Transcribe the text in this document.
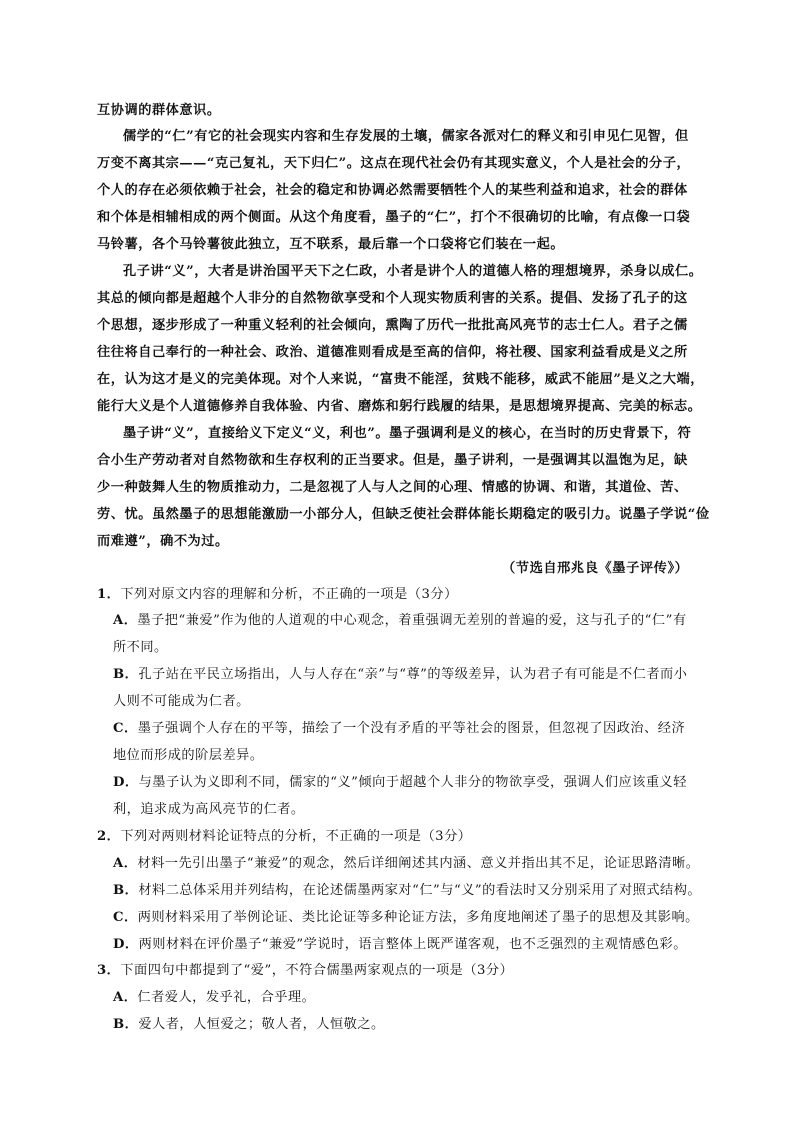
互协调的群体意识。
儒学的“仁”有它的社会现实内容和生存发展的土壤，儒家各派对仁的释义和引申见仁见智，但
万变不离其宗——“克己复礼，天下归仁”。这点在现代社会仍有其现实意义，个人是社会的分子，
个人的存在必须依赖于社会，社会的稳定和协调必然需要牺牲个人的某些利益和追求，社会的群体
和个体是相辅相成的两个侧面。从这个角度看，墨子的“仁”，打个不很确切的比喻，有点像一口袋
马铃薯，各个马铃薯彼此独立，互不联系，最后靠一个口袋将它们装在一起。
孔子讲“义”，大者是讲治国平天下之仁政，小者是讲个人的道德人格的理想境界，杀身以成仁。
其总的倾向都是超越个人非分的自然物欲享受和个人现实物质利害的关系。提倡、发扬了孔子的这
个思想，逐步形成了一种重义轻利的社会倾向，熏陶了历代一批批高风亮节的志士仁人。君子之儒
往往将自己奉行的一种社会、政治、道德准则看成是至高的信仰，将社稷、国家利益看成是义之所
在，认为这才是义的完美体现。对个人来说，“富贵不能淫，贫贱不能移，威武不能屈”是义之大端，
能行大义是个人道德修养自我体验、内省、磨炼和躬行践履的结果，是思想境界提高、完美的标志。
墨子讲“义”，直接给义下定义“义，利也”。墨子强调利是义的核心，在当时的历史背景下，符
合小生产劳动者对自然物欲和生存权利的正当要求。但是，墨子讲利，一是强调其以温饱为足，缺
少一种鼓舞人生的物质推动力，二是忽视了人与人之间的心理、情感的协调、和谐，其道俭、苦、
劳、忧。虽然墨子的思想能激励一小部分人，但缺乏使社会群体能长期稳定的吸引力。说墨子学说“俭
而难遵”，确不为过。
（节选自邢兆良《墨子评传》）
1．下列对原文内容的理解和分析，不正确的一项是（3分）
A．墨子把“兼爱”作为他的人道观的中心观念，着重强调无差别的普遍的爱，这与孔子的“仁”有
所不同。
B．孔子站在平民立场指出，人与人存在“亲”与“尊”的等级差异，认为君子有可能是不仁者而小
人则不可能成为仁者。
C．墨子强调个人存在的平等，描绘了一个没有矛盾的平等社会的图景，但忽视了因政治、经济
地位而形成的阶层差异。
D．与墨子认为义即利不同，儒家的“义”倾向于超越个人非分的物欲享受，强调人们应该重义轻
利，追求成为高风亮节的仁者。
2．下列对两则材料论证特点的分析，不正确的一项是（3分）
A．材料一先引出墨子“兼爱”的观念，然后详细阐述其内涵、意义并指出其不足，论证思路清晰。
B．材料二总体采用并列结构，在论述儒墨两家对“仁”与“义”的看法时又分别采用了对照式结构。
C．两则材料采用了举例论证、类比论证等多种论证方法，多角度地阐述了墨子的思想及其影响。
D．两则材料在评价墨子“兼爱”学说时，语言整体上既严谨客观，也不乏强烈的主观情感色彩。
3．下面四句中都提到了“爱”，不符合儒墨两家观点的一项是（3分）
A．仁者爱人，发乎礼，合乎理。
B．爱人者，人恒爱之；敬人者，人恒敬之。
